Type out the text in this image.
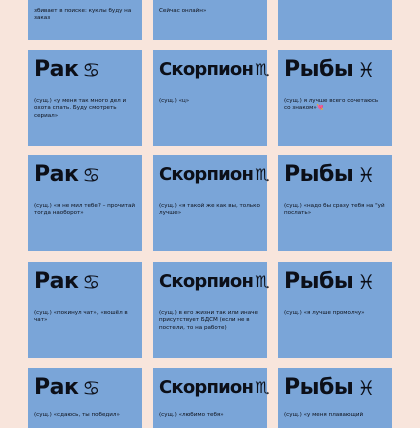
збивает в поиске: куклы буду на заказ
Сейчас онлайн»
Рак ♋
(сущ.) «у меня так много дел и охота спать. Буду смотреть сериал»
Скорпион ♏
(сущ.) «ц»
Рыбы ♓
(сущ.) я лучше всего сочетаюсь со знаком»💘
Рак ♋
(сущ.) «я не мил тебе? – прочитай тогда наоборот»
Скорпион ♏
(сущ.) «я такой же как вы, только лучше»
Рыбы ♓
(сущ.) «надо бы сразу тебя на "уй послать»
Рак ♋
(сущ.) «покинул чат», «вошёл в чат»
Скорпион ♏
(сущ.) в его жизни так или иначе присутствует БДСМ (если не в постели, то на работе)
Рыбы ♓
(сущ.) «я лучше промолчу»
Рак ♋
(сущ.) «сдаюсь, ты победил»
Скорпион ♏
(сущ.) «любимо тебя»
Рыбы ♓
(сущ.) «у меня плавающий
